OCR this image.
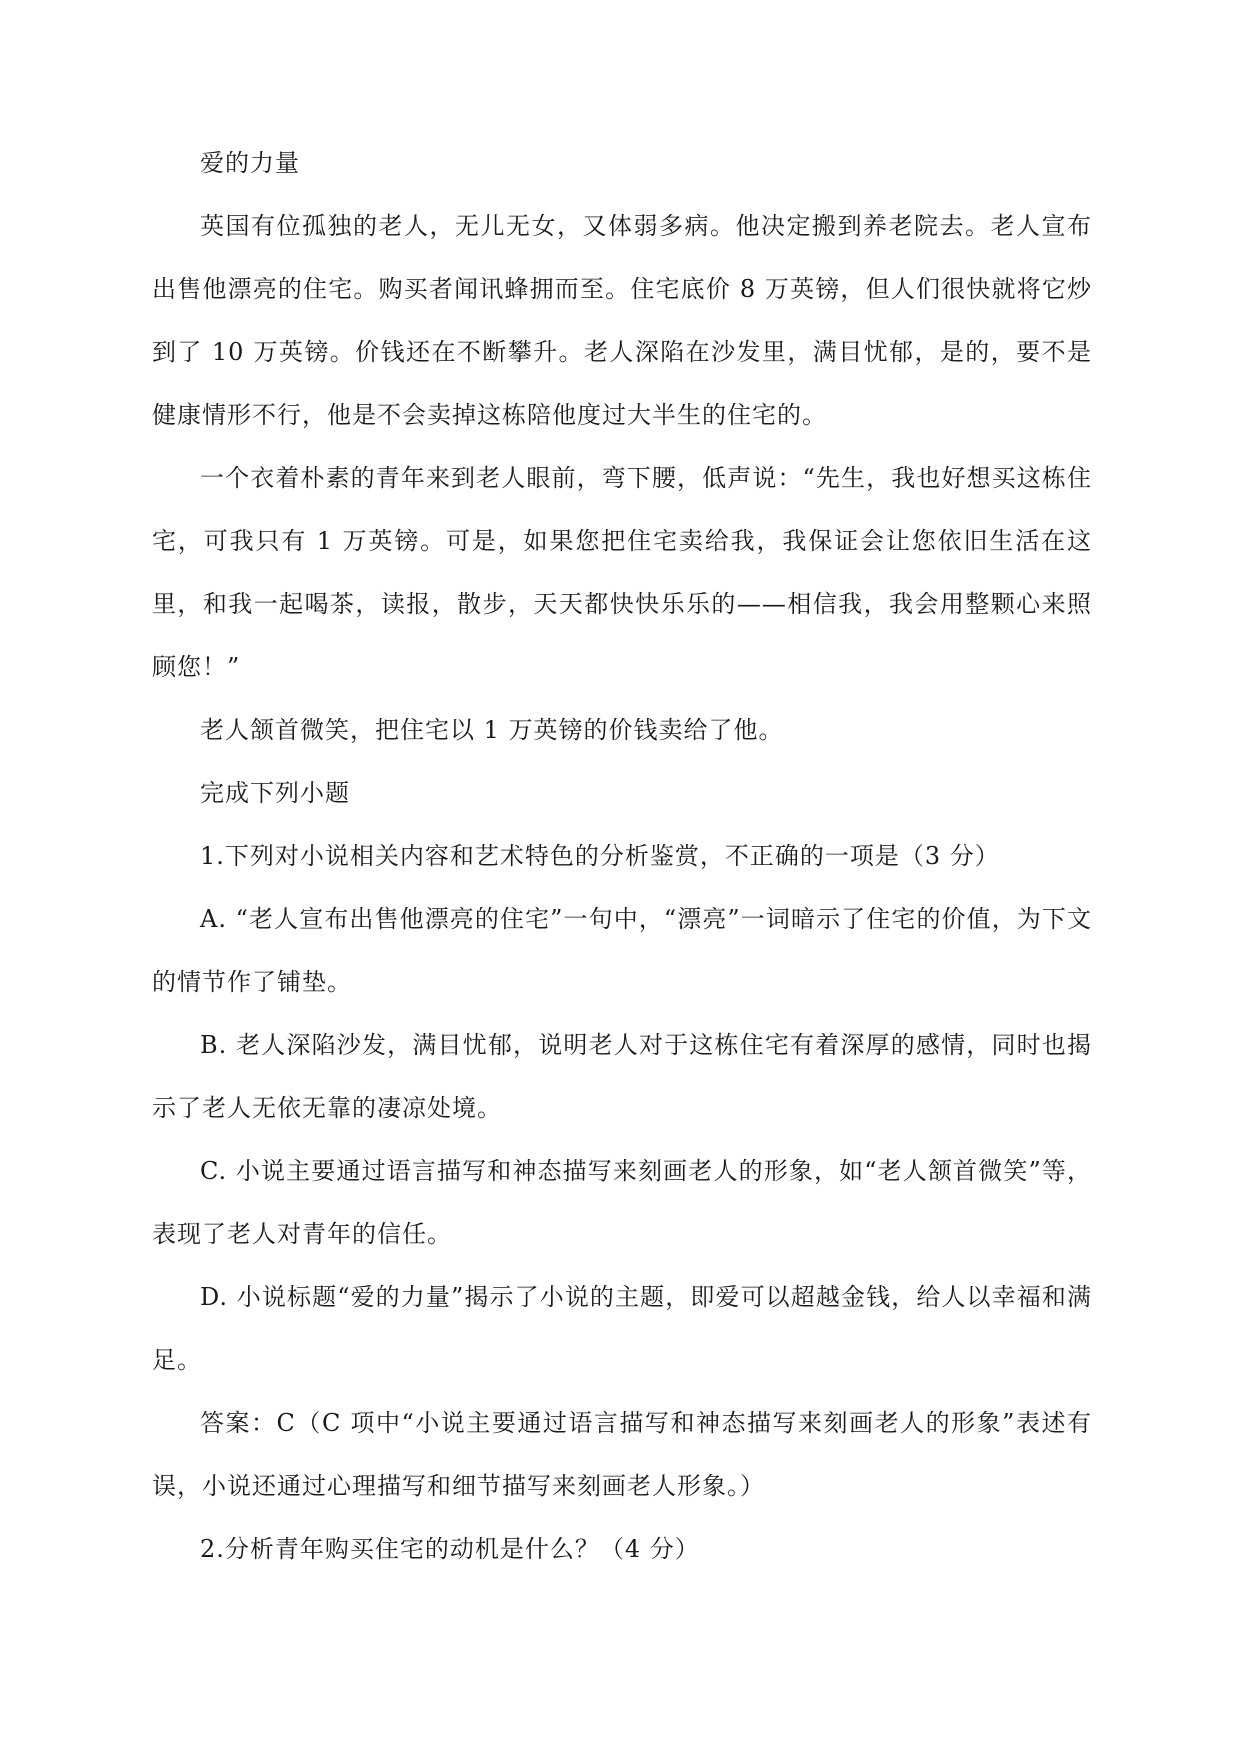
爱的力量

英国有位孤独的老人，无儿无女，又体弱多病。他决定搬到养老院去。老人宣布出售他漂亮的住宅。购买者闻讯蜂拥而至。住宅底价 8 万英镑，但人们很快就将它炒到了 10 万英镑。价钱还在不断攀升。老人深陷在沙发里，满目忧郁，是的，要不是健康情形不行，他是不会卖掉这栋陪他度过大半生的住宅的。

一个衣着朴素的青年来到老人眼前，弯下腰，低声说：“先生，我也好想买这栋住宅，可我只有 1 万英镑。可是，如果您把住宅卖给我，我保证会让您依旧生活在这里，和我一起喝茶，读报，散步，天天都快快乐乐的——相信我，我会用整颗心来照顾您！”

老人颔首微笑，把住宅以 1 万英镑的价钱卖给了他。

完成下列小题

1.下列对小说相关内容和艺术特色的分析鉴赏，不正确的一项是（3 分）

A. “老人宣布出售他漂亮的住宅”一句中，“漂亮”一词暗示了住宅的价值，为下文的情节作了铺垫。

B. 老人深陷沙发，满目忧郁，说明老人对于这栋住宅有着深厚的感情，同时也揭示了老人无依无靠的凄凉处境。

C. 小说主要通过语言描写和神态描写来刻画老人的形象，如“老人颔首微笑”等，表现了老人对青年的信任。

D. 小说标题“爱的力量”揭示了小说的主题，即爱可以超越金钱，给人以幸福和满足。

答案：C（C 项中“小说主要通过语言描写和神态描写来刻画老人的形象”表述有误，小说还通过心理描写和细节描写来刻画老人形象。）

2.分析青年购买住宅的动机是什么？（4 分）
